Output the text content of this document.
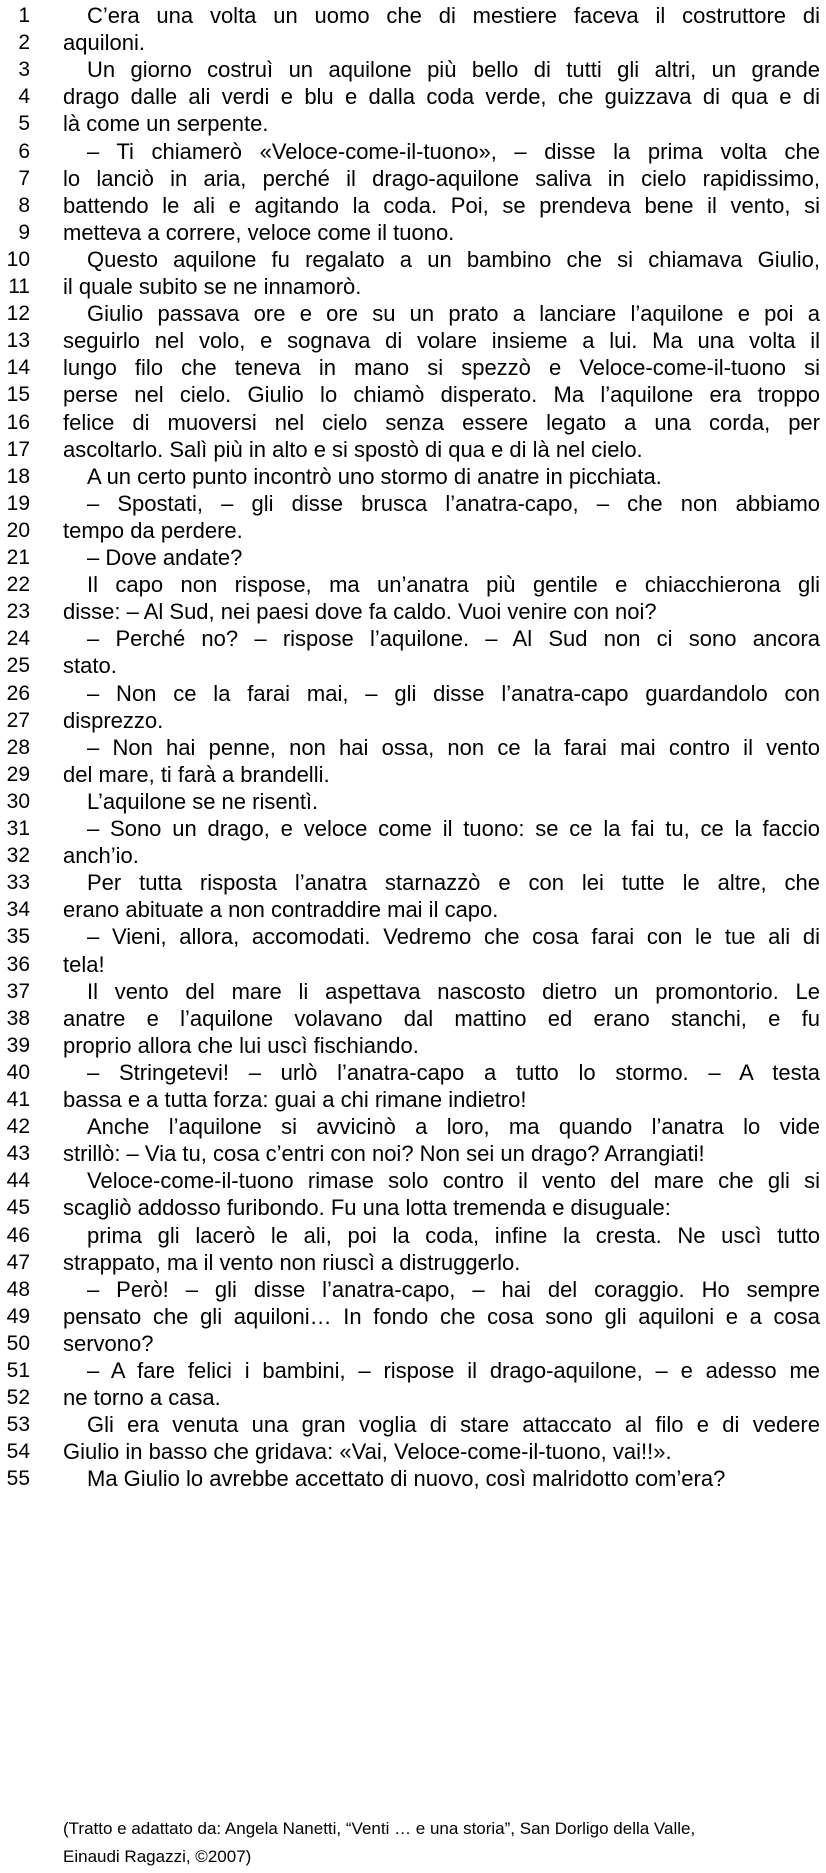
1	C’era una volta un uomo che di mestiere faceva il costruttore di
2 aquiloni.
3	Un giorno costruì un aquilone più bello di tutti gli altri, un grande
4 drago dalle ali verdi e blu e dalla coda verde, che guizzava di qua e di
5 là come un serpente.
6	– Ti chiamerò «Veloce-come-il-tuono», – disse la prima volta che
7 lo lanciò in aria, perché il drago-aquilone saliva in cielo rapidissimo,
8 battendo le ali e agitando la coda. Poi, se prendeva bene il vento, si
9 metteva a correre, veloce come il tuono.
10	Questo aquilone fu regalato a un bambino che si chiamava Giulio,
11 il quale subito se ne innamorò.
12	Giulio passava ore e ore su un prato a lanciare l’aquilone e poi a
13 seguirlo nel volo, e sognava di volare insieme a lui. Ma una volta il
14 lungo filo che teneva in mano si spezzò e Veloce-come-il-tuono si
15 perse nel cielo. Giulio lo chiamò disperato. Ma l’aquilone era troppo
16 felice di muoversi nel cielo senza essere legato a una corda, per
17 ascoltarlo. Salì più in alto e si spostò di qua e di là nel cielo.
18	A un certo punto incontrò uno stormo di anatre in picchiata.
19	– Spostati, – gli disse brusca l’anatra-capo, – che non abbiamo
20 tempo da perdere.
21	– Dove andate?
22	Il capo non rispose, ma un’anatra più gentile e chiacchierona gli
23 disse: – Al Sud, nei paesi dove fa caldo. Vuoi venire con noi?
24	– Perché no? – rispose l’aquilone. – Al Sud non ci sono ancora
25 stato.
26	– Non ce la farai mai, – gli disse l’anatra-capo guardandolo con
27 disprezzo.
28	– Non hai penne, non hai ossa, non ce la farai mai contro il vento
29 del mare, ti farà a brandelli.
30	L’aquilone se ne risentì.
31	– Sono un drago, e veloce come il tuono: se ce la fai tu, ce la faccio
32 anch’io.
33	Per tutta risposta l’anatra starnazzò e con lei tutte le altre, che
34 erano abituate a non contraddire mai il capo.
35	– Vieni, allora, accomodati. Vedremo che cosa farai con le tue ali di
36 tela!
37	Il vento del mare li aspettava nascosto dietro un promontorio. Le
38 anatre e l’aquilone volavano dal mattino ed erano stanchi, e fu
39 proprio allora che lui uscì fischiando.
40	– Stringetevi! – urlò l’anatra-capo a tutto lo stormo. – A testa
41 bassa e a tutta forza: guai a chi rimane indietro!
42	Anche l’aquilone si avvicinò a loro, ma quando l’anatra lo vide
43 strillò: – Via tu, cosa c’entri con noi? Non sei un drago? Arrangiati!
44	Veloce-come-il-tuono rimase solo contro il vento del mare che gli si
45 scagliò addosso furibondo. Fu una lotta tremenda e disuguale:
46	prima gli lacerò le ali, poi la coda, infine la cresta. Ne uscì tutto
47 strappato, ma il vento non riuscì a distruggerlo.
48	– Però! – gli disse l’anatra-capo, – hai del coraggio. Ho sempre
49 pensato che gli aquiloni… In fondo che cosa sono gli aquiloni e a cosa
50 servono?
51	– A fare felici i bambini, – rispose il drago-aquilone, – e adesso me
52 ne torno a casa.
53	Gli era venuta una gran voglia di stare attaccato al filo e di vedere
54 Giulio in basso che gridava: «Vai, Veloce-come-il-tuono, vai!!».
55	Ma Giulio lo avrebbe accettato di nuovo, così malridotto com’era?
(Tratto e adattato da: Angela Nanetti, “Venti … e una storia”, San Dorligo della Valle,
Einaudi Ragazzi, ©2007)
